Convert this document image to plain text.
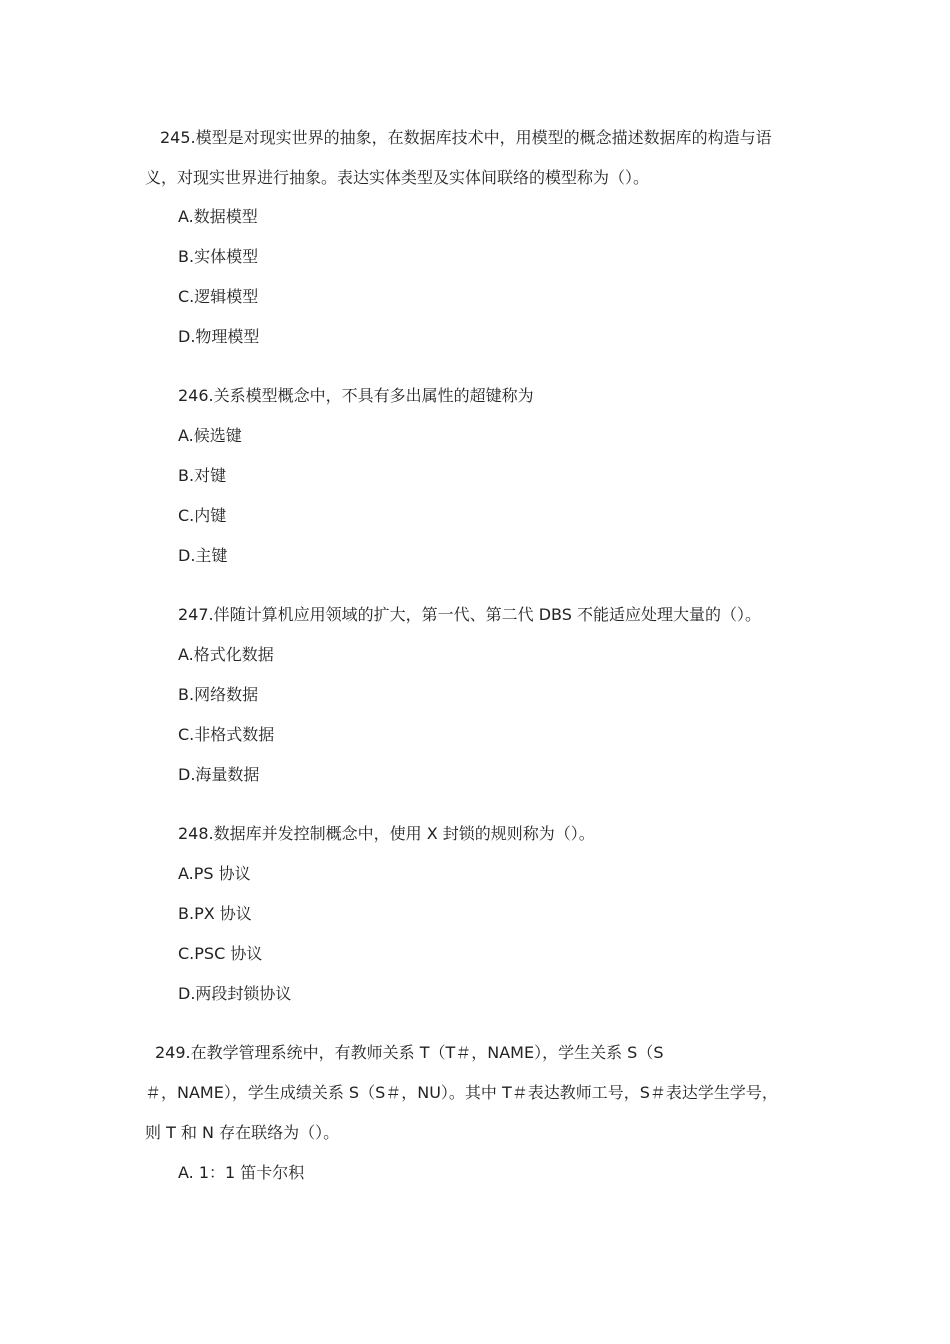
245.模型是对现实世界的抽象，在数据库技术中，用模型的概念描述数据库的构造与语
义，对现实世界进行抽象。表达实体类型及实体间联络的模型称为（）。
A.数据模型
B.实体模型
C.逻辑模型
D.物理模型
246.关系模型概念中，不具有多出属性的超键称为
A.候选键
B.对键
C.内键
D.主键
247.伴随计算机应用领域的扩大，第一代、第二代 DBS 不能适应处理大量的（）。
A.格式化数据
B.网络数据
C.非格式数据
D.海量数据
248.数据库并发控制概念中，使用 X 封锁的规则称为（）。
A.PS 协议
B.PX 协议
C.PSC 协议
D.两段封锁协议
249.在教学管理系统中，有教师关系 T（T＃，NAME），学生关系 S（S
＃，NAME），学生成绩关系 S（S＃，NU）。其中 T＃表达教师工号，S＃表达学生学号，
则 T 和 N 存在联络为（）。
A. 1：1 笛卡尔积
